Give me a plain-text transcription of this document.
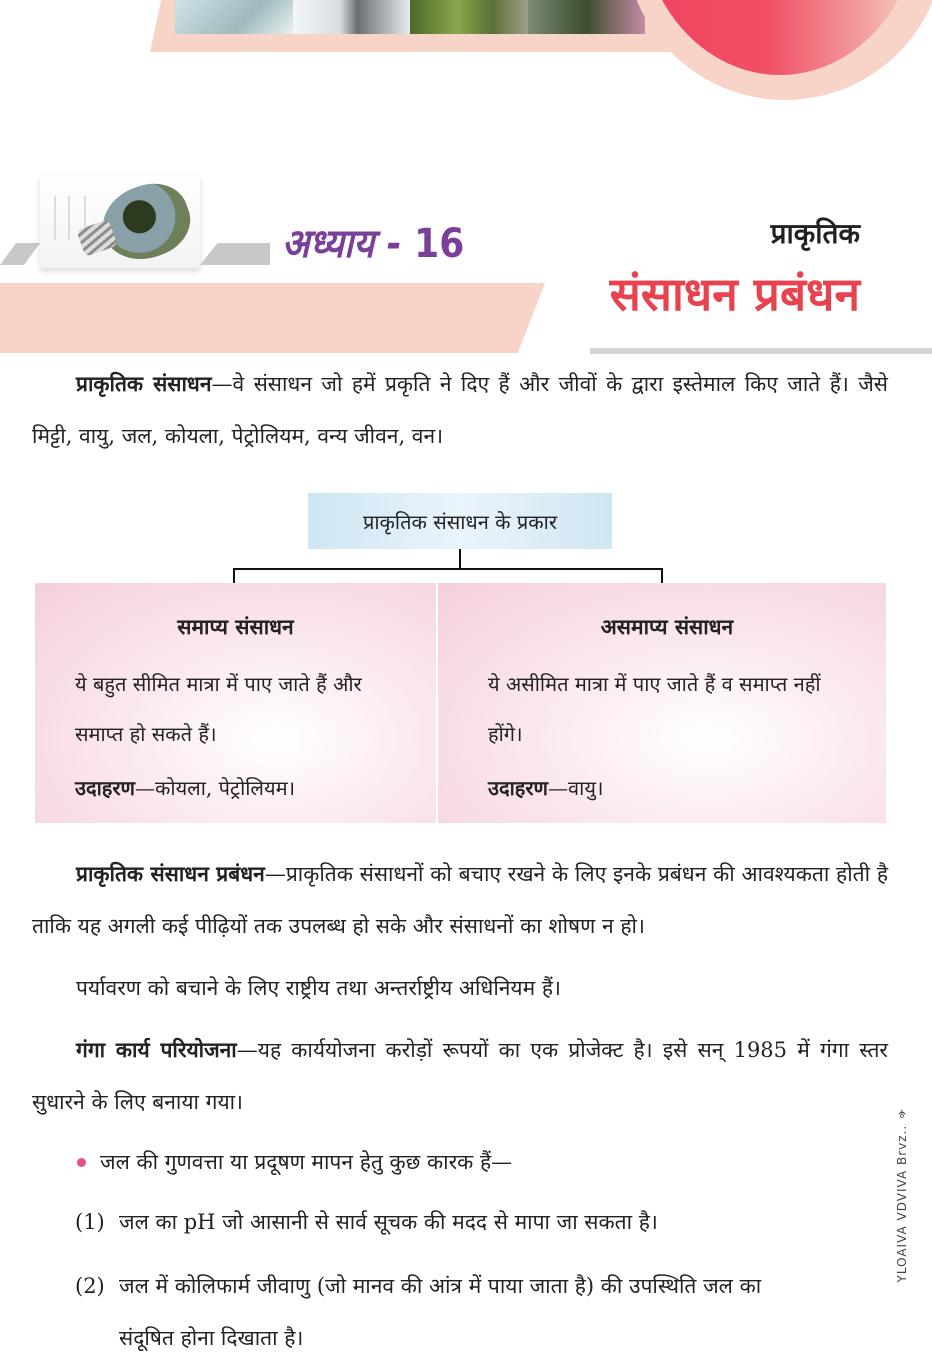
अध्याय - 16	प्राकृतिक
संसाधन प्रबंधन
प्राकृतिक संसाधन—वे संसाधन जो हमें प्रकृति ने दिए हैं और जीवों के द्वारा इस्तेमाल किए जाते हैं। जैसे मिट्टी, वायु, जल, कोयला, पेट्रोलियम, वन्य जीवन, वन।
प्राकृतिक संसाधन के प्रकार
समाप्य संसाधन

ये बहुत सीमित मात्रा में पाए जाते हैं और समाप्त हो सकते हैं।

उदाहरण—कोयला, पेट्रोलियम।

असमाप्य संसाधन

ये असीमित मात्रा में पाए जाते हैं व समाप्त नहीं होंगे।

उदाहरण—वायु।

प्राकृतिक संसाधन प्रबंधन—प्राकृतिक संसाधनों को बचाए रखने के लिए इनके प्रबंधन की आवश्यकता होती है ताकि यह अगली कई पीढ़ियों तक उपलब्ध हो सके और संसाधनों का शोषण न हो।
पर्यावरण को बचाने के लिए राष्ट्रीय तथा अन्तर्राष्ट्रीय अधिनियम हैं।
गंगा कार्य परियोजना—यह कार्ययोजना करोड़ों रूपयों का एक प्रोजेक्ट है। इसे सन् 1985 में गंगा स्तर सुधारने के लिए बनाया गया।
जल की गुणवत्ता या प्रदूषण मापन हेतु कुछ कारक हैं—
(1) जल का pH जो आसानी से सार्व सूचक की मदद से मापा जा सकता है।
(2) जल में कोलिफार्म जीवाणु (जो मानव की आंत्र में पाया जाता है) की उपस्थिति जल का
संदूषित होना दिखाता है।
YLOAIVA VDVIVA Brvz.. ⚘
